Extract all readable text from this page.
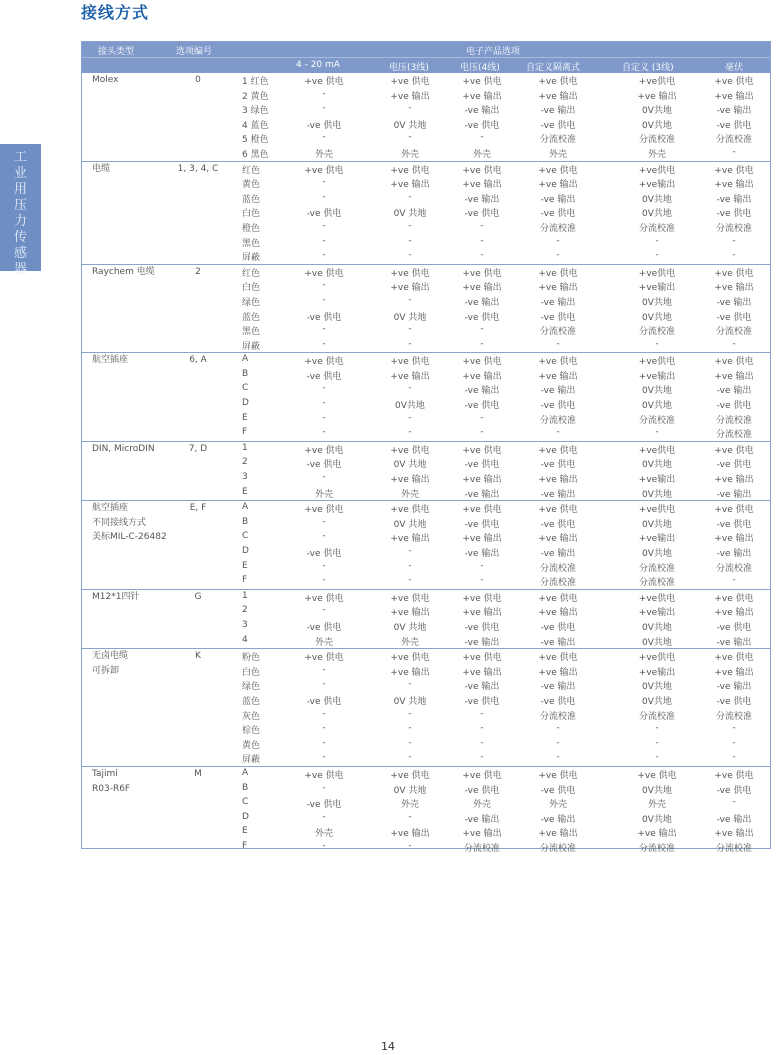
接线方式
工
业
用
压
力
传
感
器
接头类型	选项编号	电子产品选项
4 - 20 mA	电压(3线)	电压(4线)	自定义隔离式	自定义 (3线)	毫伏
Molex	0	1 红色	+ve 供电	+ve 供电	+ve 供电	+ve 供电	+ve供电	+ve 供电
2 黄色	-	+ve 输出	+ve 输出	+ve 输出	+ve 输出	+ve 输出
3 绿色	-	-	-ve 输出	-ve 输出	0V共地	-ve 输出
4 蓝色	-ve 供电	0V 共地	-ve 供电	-ve 供电	0V共地	-ve 供电
5 橙色	-	-	-	分流校准	分流校准	分流校准
6 黑色	外壳	外壳	外壳	外壳	外壳	-
电缆	1, 3, 4, C	红色	+ve 供电	+ve 供电	+ve 供电	+ve 供电	+ve供电	+ve 供电
黄色	-	+ve 输出	+ve 输出	+ve 输出	+ve输出	+ve 输出
蓝色	-	-	-ve 输出	-ve 输出	0V共地	-ve 输出
白色	-ve 供电	0V 共地	-ve 供电	-ve 供电	0V共地	-ve 供电
橙色	-	-	-	分流校准	分流校准	分流校准
黑色	-	-	-	-	-	-
屏蔽	-	-	-	-	-	-
Raychem 电缆	2	红色	+ve 供电	+ve 供电	+ve 供电	+ve 供电	+ve供电	+ve 供电
白色	-	+ve 输出	+ve 输出	+ve 输出	+ve输出	+ve 输出
绿色	-	-	-ve 输出	-ve 输出	0V共地	-ve 输出
蓝色	-ve 供电	0V 共地	-ve 供电	-ve 供电	0V共地	-ve 供电
黑色	-	-	-	分流校准	分流校准	分流校准
屏蔽	-	-	-	-	-	-
航空插座	6, A	A	+ve 供电	+ve 供电	+ve 供电	+ve 供电	+ve供电	+ve 供电
B	-ve 供电	+ve 输出	+ve 输出	+ve 输出	+ve输出	+ve 输出
C	-	-	-ve 输出	-ve 输出	0V共地	-ve 输出
D	-	0V共地	-ve 供电	-ve 供电	0V共地	-ve 供电
E	-	-	-	分流校准	分流校准	分流校准
F	-	-	-	-	-	分流校准
DIN, MicroDIN	7, D	1	+ve 供电	+ve 供电	+ve 供电	+ve 供电	+ve供电	+ve 供电
2	-ve 供电	0V 共地	-ve 供电	-ve 供电	0V共地	-ve 供电
3	-	+ve 输出	+ve 输出	+ve 输出	+ve输出	+ve 输出
E	外壳	外壳	-ve 输出	-ve 输出	0V共地	-ve 输出
航空插座
不同接线方式
美标MIL-C-26482
E, F	A	+ve 供电	+ve 供电	+ve 供电	+ve 供电	+ve供电	+ve 供电
B	-	0V 共地	-ve 供电	-ve 供电	0V共地	-ve 供电
C	-	+ve 输出	+ve 输出	+ve 输出	+ve输出	+ve 输出
D	-ve 供电	-	-ve 输出	-ve 输出	0V共地	-ve 输出
E	-	-	-	分流校准	分流校准	分流校准
F	-	-	-	分流校准	分流校准	-
M12*1四针	G	1	+ve 供电	+ve 供电	+ve 供电	+ve 供电	+ve供电	+ve 供电
2	-	+ve 输出	+ve 输出	+ve 输出	+ve输出	+ve 输出
3	-ve 供电	0V 共地	-ve 供电	-ve 供电	0V共地	-ve 供电
4	外壳	外壳	-ve 输出	-ve 输出	0V共地	-ve 输出
无卤电缆
可拆卸
K	粉色	+ve 供电	+ve 供电	+ve 供电	+ve 供电	+ve供电	+ve 供电
白色	-	+ve 输出	+ve 输出	+ve 输出	+ve输出	+ve 输出
绿色	-	-	-ve 输出	-ve 输出	0V共地	-ve 输出
蓝色	-ve 供电	0V 共地	-ve 供电	-ve 供电	0V共地	-ve 供电
灰色	-	-	-	分流校准	分流校准	分流校准
棕色	-	-	-	-	-	-
黄色	-	-	-	-	-	-
屏蔽	-	-	-	-	-	-
Tajimi
R03-R6F
M	A	+ve 供电	+ve 供电	+ve 供电	+ve 供电	+ve 供电	+ve 供电
B	-	0V 共地	-ve 供电	-ve 供电	0V共地	-ve 供电
C	-ve 供电	外壳	外壳	外壳	外壳	-
D	-	-	-ve 输出	-ve 输出	0V共地	-ve 输出
E	外壳	+ve 输出	+ve 输出	+ve 输出	+ve 输出	+ve 输出
F	-	-	分流校准	分流校准	分流校准	分流校准
14
